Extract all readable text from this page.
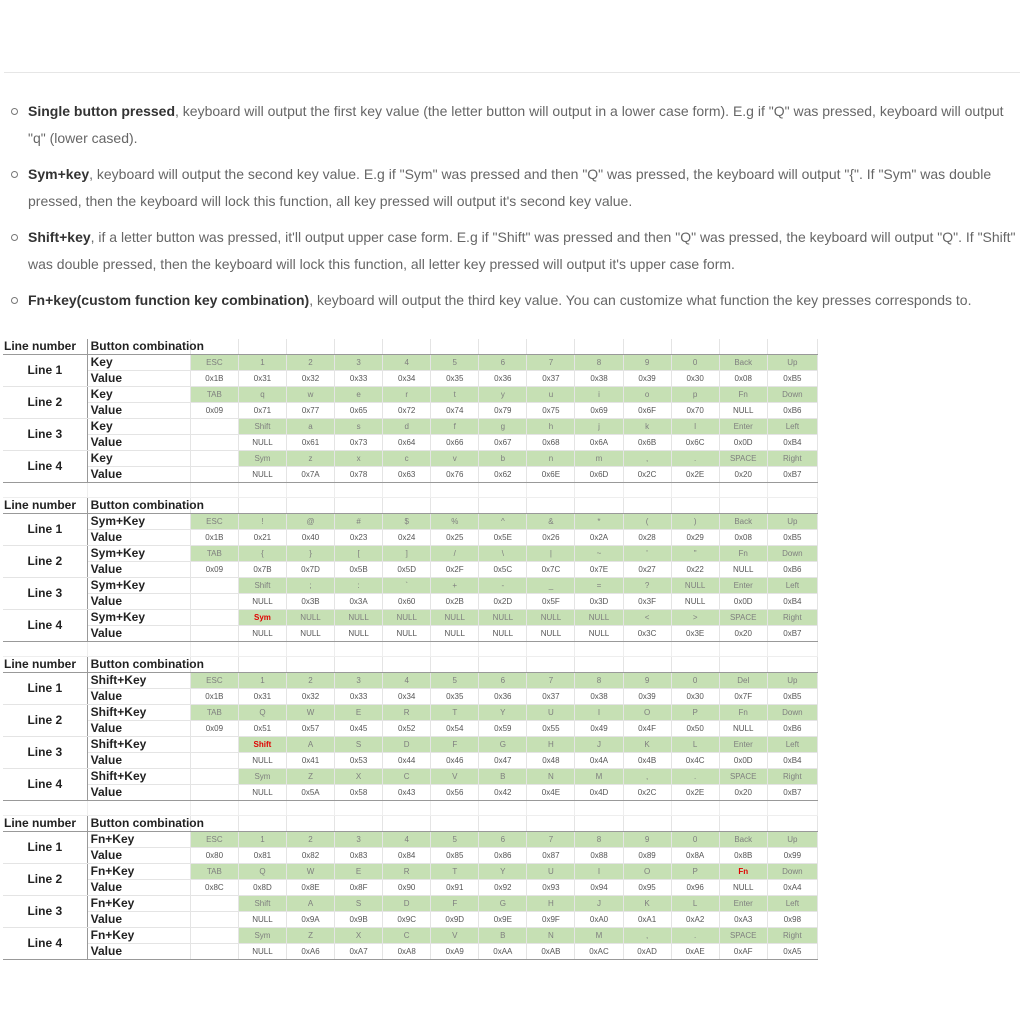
Single button pressed, keyboard will output the first key value (the letter button will output in a lower case form). E.g if "Q" was pressed, keyboard will output "q" (lower cased).
Sym+key, keyboard will output the second key value. E.g if "Sym" was pressed and then "Q" was pressed, the keyboard will output "{". If "Sym" was double pressed, then the keyboard will lock this function, all key pressed will output it's second key value.
Shift+key, if a letter button was pressed, it'll output upper case form. E.g if "Shift" was pressed and then "Q" was pressed, the keyboard will output "Q". If "Shift" was double pressed, then the keyboard will lock this function, all letter key pressed will output it's upper case form.
Fn+key(custom function key combination), keyboard will output the third key value. You can customize what function the key presses corresponds to.
Line number	Button combination													
Line 1	Key	ESC	1	2	3	4	5	6	7	8	9	0	Back	Up
	Value	0x1B	0x31	0x32	0x33	0x34	0x35	0x36	0x37	0x38	0x39	0x30	0x08	0xB5
Line 2	Key	TAB	q	w	e	r	t	y	u	i	o	p	Fn	Down
	Value	0x09	0x71	0x77	0x65	0x72	0x74	0x79	0x75	0x69	0x6F	0x70	NULL	0xB6
Line 3	Key		Shift	a	s	d	f	g	h	j	k	l	Enter	Left
	Value		NULL	0x61	0x73	0x64	0x66	0x67	0x68	0x6A	0x6B	0x6C	0x0D	0xB4
Line 4	Key		Sym	z	x	c	v	b	n	m	,	.	SPACE	Right
	Value		NULL	0x7A	0x78	0x63	0x76	0x62	0x6E	0x6D	0x2C	0x2E	0x20	0xB7

Line number	Button combination													
Line 1	Sym+Key	ESC	!	@	#	$	%	^	&	*	(	)	Back	Up
	Value	0x1B	0x21	0x40	0x23	0x24	0x25	0x5E	0x26	0x2A	0x28	0x29	0x08	0xB5
Line 2	Sym+Key	TAB	{	}	[	]	/	\	|	~	'	"	Fn	Down
	Value	0x09	0x7B	0x7D	0x5B	0x5D	0x2F	0x5C	0x7C	0x7E	0x27	0x22	NULL	0xB6
Line 3	Sym+Key		Shift	;	:	`	+	-	_	=	?	NULL	Enter	Left
	Value		NULL	0x3B	0x3A	0x60	0x2B	0x2D	0x5F	0x3D	0x3F	NULL	0x0D	0xB4
Line 4	Sym+Key		Sym	NULL	NULL	NULL	NULL	NULL	NULL	NULL	<	>	SPACE	Right
	Value		NULL	NULL	NULL	NULL	NULL	NULL	NULL	NULL	0x3C	0x3E	0x20	0xB7

Line number	Button combination													
Line 1	Shift+Key	ESC	1	2	3	4	5	6	7	8	9	0	Del	Up
	Value	0x1B	0x31	0x32	0x33	0x34	0x35	0x36	0x37	0x38	0x39	0x30	0x7F	0xB5
Line 2	Shift+Key	TAB	Q	W	E	R	T	Y	U	I	O	P	Fn	Down
	Value	0x09	0x51	0x57	0x45	0x52	0x54	0x59	0x55	0x49	0x4F	0x50	NULL	0xB6
Line 3	Shift+Key		Shift	A	S	D	F	G	H	J	K	L	Enter	Left
	Value		NULL	0x41	0x53	0x44	0x46	0x47	0x48	0x4A	0x4B	0x4C	0x0D	0xB4
Line 4	Shift+Key		Sym	Z	X	C	V	B	N	M	,	.	SPACE	Right
	Value		NULL	0x5A	0x58	0x43	0x56	0x42	0x4E	0x4D	0x2C	0x2E	0x20	0xB7

Line number	Button combination													
Line 1	Fn+Key	ESC	1	2	3	4	5	6	7	8	9	0	Back	Up
	Value	0x80	0x81	0x82	0x83	0x84	0x85	0x86	0x87	0x88	0x89	0x8A	0x8B	0x99
Line 2	Fn+Key	TAB	Q	W	E	R	T	Y	U	I	O	P	Fn	Down
	Value	0x8C	0x8D	0x8E	0x8F	0x90	0x91	0x92	0x93	0x94	0x95	0x96	NULL	0xA4
Line 3	Fn+Key		Shift	A	S	D	F	G	H	J	K	L	Enter	Left
	Value		NULL	0x9A	0x9B	0x9C	0x9D	0x9E	0x9F	0xA0	0xA1	0xA2	0xA3	0x98
Line 4	Fn+Key		Sym	Z	X	C	V	B	N	M	,	.	SPACE	Right
	Value		NULL	0xA6	0xA7	0xA8	0xA9	0xAA	0xAB	0xAC	0xAD	0xAE	0xAF	0xA5
